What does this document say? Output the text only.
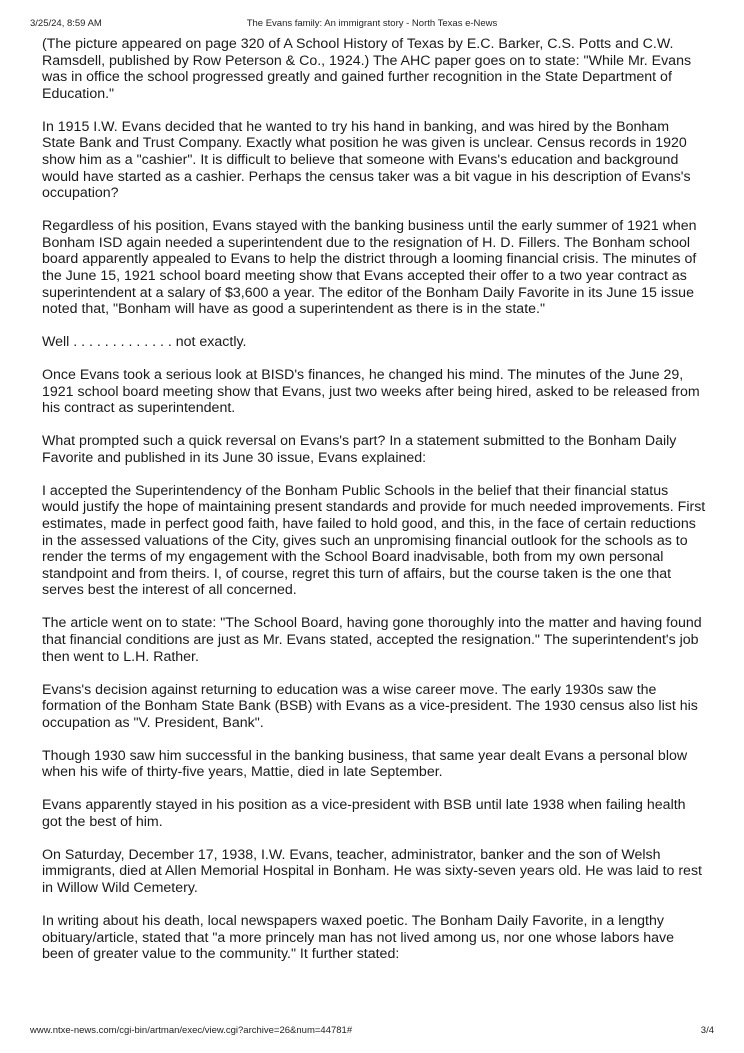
3/25/24, 8:59 AM	The Evans family: An immigrant story - North Texas e-News

(The picture appeared on page 320 of A School History of Texas by E.C. Barker, C.S. Potts and C.W. Ramsdell, published by Row Peterson & Co., 1924.) The AHC paper goes on to state: "While Mr. Evans was in office the school progressed greatly and gained further recognition in the State Department of Education."

In 1915 I.W. Evans decided that he wanted to try his hand in banking, and was hired by the Bonham State Bank and Trust Company. Exactly what position he was given is unclear. Census records in 1920 show him as a "cashier". It is difficult to believe that someone with Evans's education and background would have started as a cashier. Perhaps the census taker was a bit vague in his description of Evans's occupation?

Regardless of his position, Evans stayed with the banking business until the early summer of 1921 when Bonham ISD again needed a superintendent due to the resignation of H. D. Fillers. The Bonham school board apparently appealed to Evans to help the district through a looming financial crisis. The minutes of the June 15, 1921 school board meeting show that Evans accepted their offer to a two year contract as superintendent at a salary of $3,600 a year. The editor of the Bonham Daily Favorite in its June 15 issue noted that, "Bonham will have as good a superintendent as there is in the state."

Well . . . . . . . . . . . . . not exactly.

Once Evans took a serious look at BISD's finances, he changed his mind. The minutes of the June 29, 1921 school board meeting show that Evans, just two weeks after being hired, asked to be released from his contract as superintendent.

What prompted such a quick reversal on Evans's part? In a statement submitted to the Bonham Daily Favorite and published in its June 30 issue, Evans explained:

I accepted the Superintendency of the Bonham Public Schools in the belief that their financial status would justify the hope of maintaining present standards and provide for much needed improvements. First estimates, made in perfect good faith, have failed to hold good, and this, in the face of certain reductions in the assessed valuations of the City, gives such an unpromising financial outlook for the schools as to render the terms of my engagement with the School Board inadvisable, both from my own personal standpoint and from theirs. I, of course, regret this turn of affairs, but the course taken is the one that serves best the interest of all concerned.

The article went on to state: "The School Board, having gone thoroughly into the matter and having found that financial conditions are just as Mr. Evans stated, accepted the resignation." The superintendent's job then went to L.H. Rather.

Evans's decision against returning to education was a wise career move. The early 1930s saw the formation of the Bonham State Bank (BSB) with Evans as a vice-president. The 1930 census also list his occupation as "V. President, Bank".

Though 1930 saw him successful in the banking business, that same year dealt Evans a personal blow when his wife of thirty-five years, Mattie, died in late September.

Evans apparently stayed in his position as a vice-president with BSB until late 1938 when failing health got the best of him.

On Saturday, December 17, 1938, I.W. Evans, teacher, administrator, banker and the son of Welsh immigrants, died at Allen Memorial Hospital in Bonham. He was sixty-seven years old. He was laid to rest in Willow Wild Cemetery.

In writing about his death, local newspapers waxed poetic. The Bonham Daily Favorite, in a lengthy obituary/article, stated that "a more princely man has not lived among us, nor one whose labors have been of greater value to the community." It further stated:

www.ntxe-news.com/cgi-bin/artman/exec/view.cgi?archive=26&num=44781#	3/4
